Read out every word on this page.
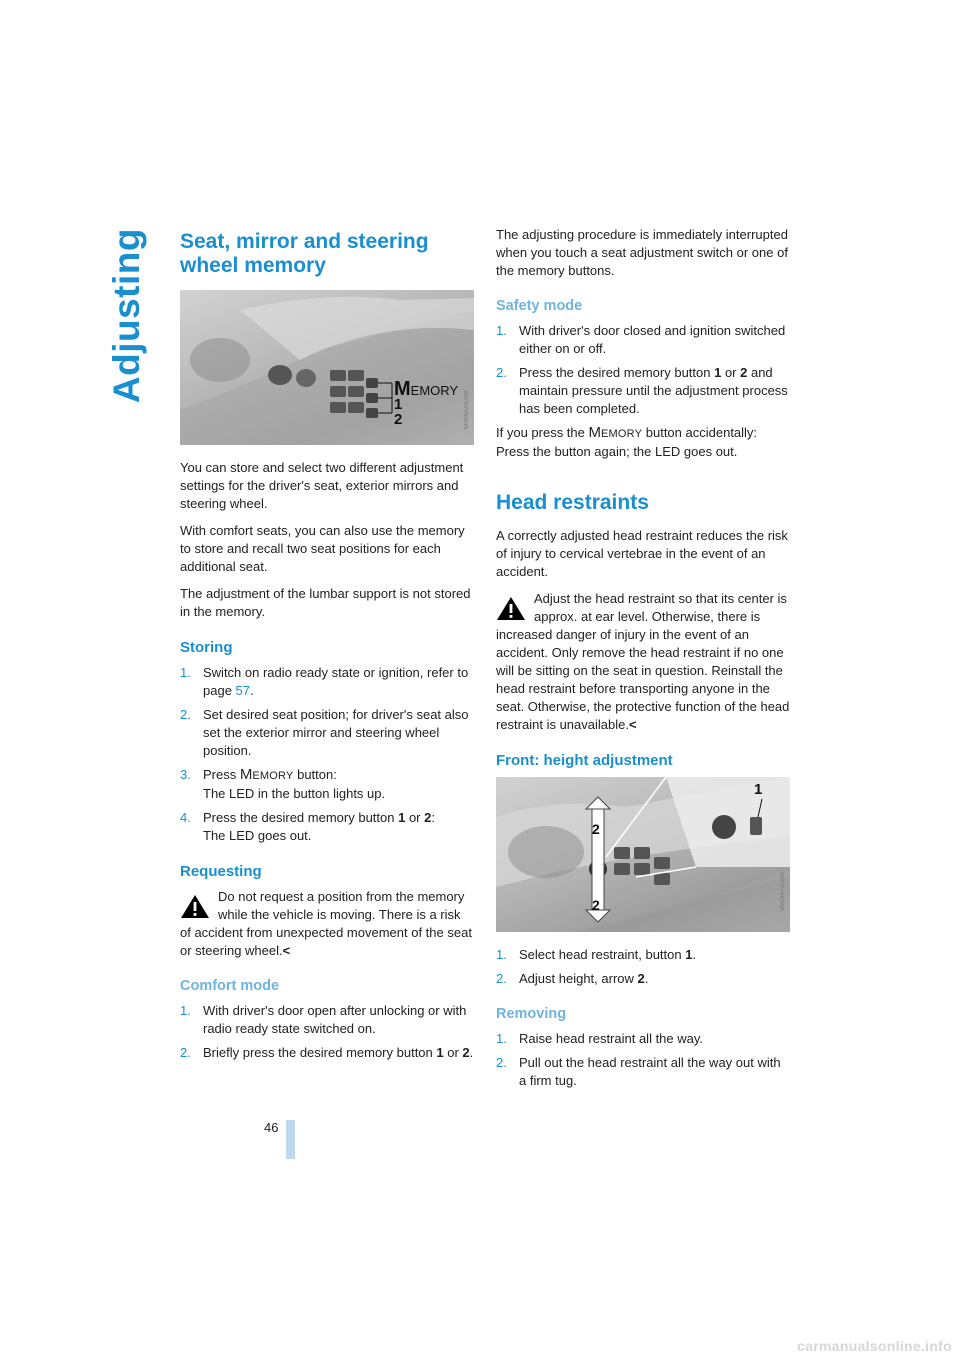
Adjusting Seat, mirror and steering wheel memory
MEMORY
1
2	MV04220CMA

You can store and select two different adjustment settings for the driver's seat, exterior mirrors and steering wheel.

With comfort seats, you can also use the memory to store and recall two seat positions for each additional seat.

The adjustment of the lumbar support is not stored in the memory.

Storing
1. Switch on radio ready state or ignition, refer to page 57.
2. Set desired seat position; for driver's seat also set the exterior mirror and steering wheel position.
3. Press MEMORY button:
The LED in the button lights up.
4. Press the desired memory button 1 or 2:
The LED goes out.
Requesting
Do not request a position from the memory while the vehicle is moving. There is a risk of accident from unexpected movement of the seat or steering wheel.<
Comfort mode
1. With driver's door open after unlocking or with radio ready state switched on.
2. Briefly press the desired memory button 1 or 2.

The adjusting procedure is immediately interrupted when you touch a seat adjustment switch or one of the memory buttons.

Safety mode
1. With driver's door closed and ignition switched either on or off.
2. Press the desired memory button 1 or 2 and maintain pressure until the adjustment process has been completed.

If you press the MEMORY button accidentally: Press the button again; the LED goes out.

Head restraints

A correctly adjusted head restraint reduces the risk of injury to cervical vertebrae in the event of an accident.

Adjust the head restraint so that its center is approx. at ear level. Otherwise, there is increased danger of injury in the event of an accident. Only remove the head restraint if no one will be sitting on the seat in question. Reinstall the head restraint before transporting anyone in the seat. Otherwise, the protective function of the head restraint is unavailable.<
Front: height adjustment
1
2
2	MV04470CMA
1. Select head restraint, button 1.
2. Adjust height, arrow 2.
Removing
1. Raise head restraint all the way.
2. Pull out the head restraint all the way out with a firm tug.
46
carmanualsonline.info
